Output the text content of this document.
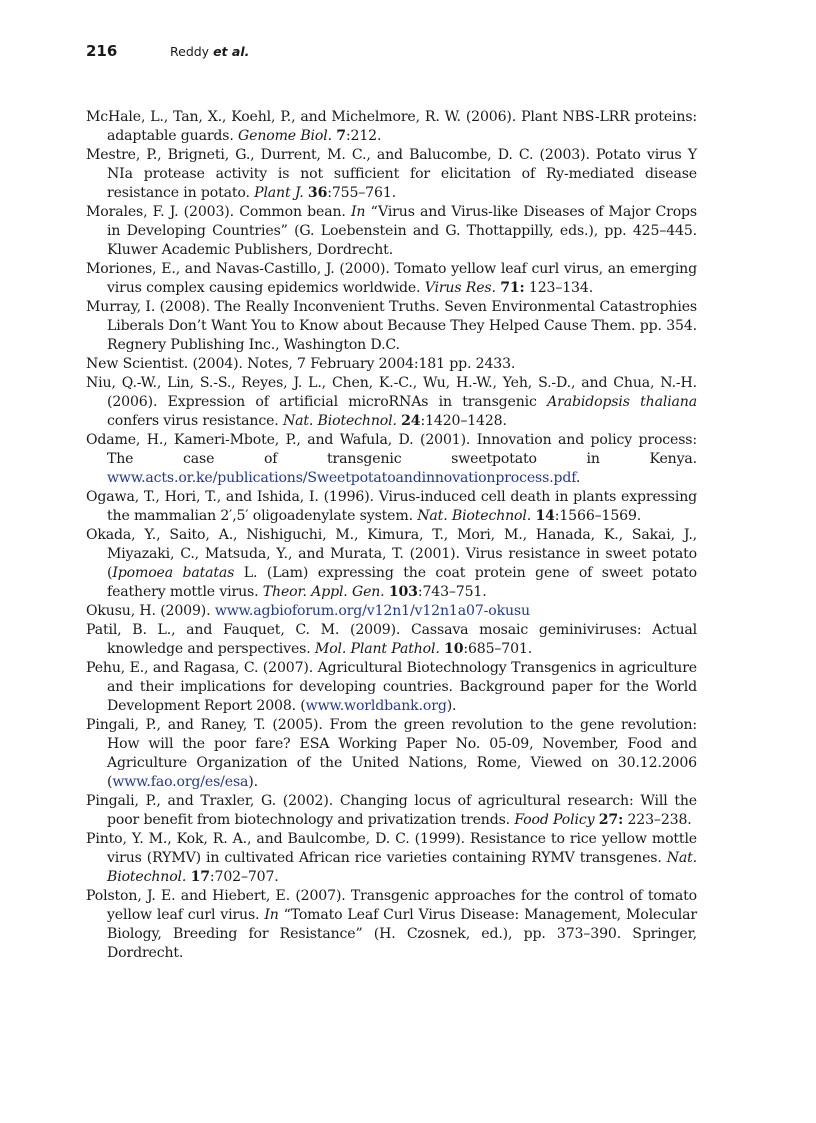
216	Reddy et al.

McHale, L., Tan, X., Koehl, P., and Michelmore, R. W. (2006). Plant NBS-LRR proteins: adaptable guards. Genome Biol. 7:212.

Mestre, P., Brigneti, G., Durrent, M. C., and Balucombe, D. C. (2003). Potato virus Y NIa protease activity is not sufficient for elicitation of Ry-mediated disease resistance in potato. Plant J. 36:755–761.

Morales, F. J. (2003). Common bean. In “Virus and Virus-like Diseases of Major Crops in Developing Countries” (G. Loebenstein and G. Thottappilly, eds.), pp. 425–445. Kluwer Academic Publishers, Dordrecht.

Moriones, E., and Navas-Castillo, J. (2000). Tomato yellow leaf curl virus, an emerging virus complex causing epidemics worldwide. Virus Res. 71: 123–134.

Murray, I. (2008). The Really Inconvenient Truths. Seven Environmental Catastrophies Liberals Don’t Want You to Know about Because They Helped Cause Them. pp. 354. Regnery Publishing Inc., Washington D.C.

New Scientist. (2004). Notes, 7 February 2004:181 pp. 2433.

Niu, Q.-W., Lin, S.-S., Reyes, J. L., Chen, K.-C., Wu, H.-W., Yeh, S.-D., and Chua, N.-H. (2006). Expression of artificial microRNAs in transgenic Arabidopsis thaliana confers virus resistance. Nat. Biotechnol. 24:1420–1428.

Odame, H., Kameri-Mbote, P., and Wafula, D. (2001). Innovation and policy process: The case of transgenic sweetpotato in Kenya. www.acts.or.ke/publications/Sweetpotatoandinnovationprocess.pdf.

Ogawa, T., Hori, T., and Ishida, I. (1996). Virus-induced cell death in plants expressing the mammalian 2′,5′ oligoadenylate system. Nat. Biotechnol. 14:1566–1569.

Okada, Y., Saito, A., Nishiguchi, M., Kimura, T., Mori, M., Hanada, K., Sakai, J., Miyazaki, C., Matsuda, Y., and Murata, T. (2001). Virus resistance in sweet potato (Ipomoea batatas L. (Lam) expressing the coat protein gene of sweet potato feathery mottle virus. Theor. Appl. Gen. 103:743–751.

Okusu, H. (2009). www.agbioforum.org/v12n1/v12n1a07-okusu

Patil, B. L., and Fauquet, C. M. (2009). Cassava mosaic geminiviruses: Actual knowledge and perspectives. Mol. Plant Pathol. 10:685–701.

Pehu, E., and Ragasa, C. (2007). Agricultural Biotechnology Transgenics in agriculture and their implications for developing countries. Background paper for the World Development Report 2008. (www.worldbank.org).

Pingali, P., and Raney, T. (2005). From the green revolution to the gene revolution: How will the poor fare? ESA Working Paper No. 05-09, November, Food and Agriculture Organization of the United Nations, Rome, Viewed on 30.12.2006 (www.fao.org/es/esa).

Pingali, P., and Traxler, G. (2002). Changing locus of agricultural research: Will the poor benefit from biotechnology and privatization trends. Food Policy 27: 223–238.

Pinto, Y. M., Kok, R. A., and Baulcombe, D. C. (1999). Resistance to rice yellow mottle virus (RYMV) in cultivated African rice varieties containing RYMV transgenes. Nat. Biotechnol. 17:702–707.

Polston, J. E. and Hiebert, E. (2007). Transgenic approaches for the control of tomato yellow leaf curl virus. In “Tomato Leaf Curl Virus Disease: Management, Molecular Biology, Breeding for Resistance” (H. Czosnek, ed.), pp. 373–390. Springer, Dordrecht.
